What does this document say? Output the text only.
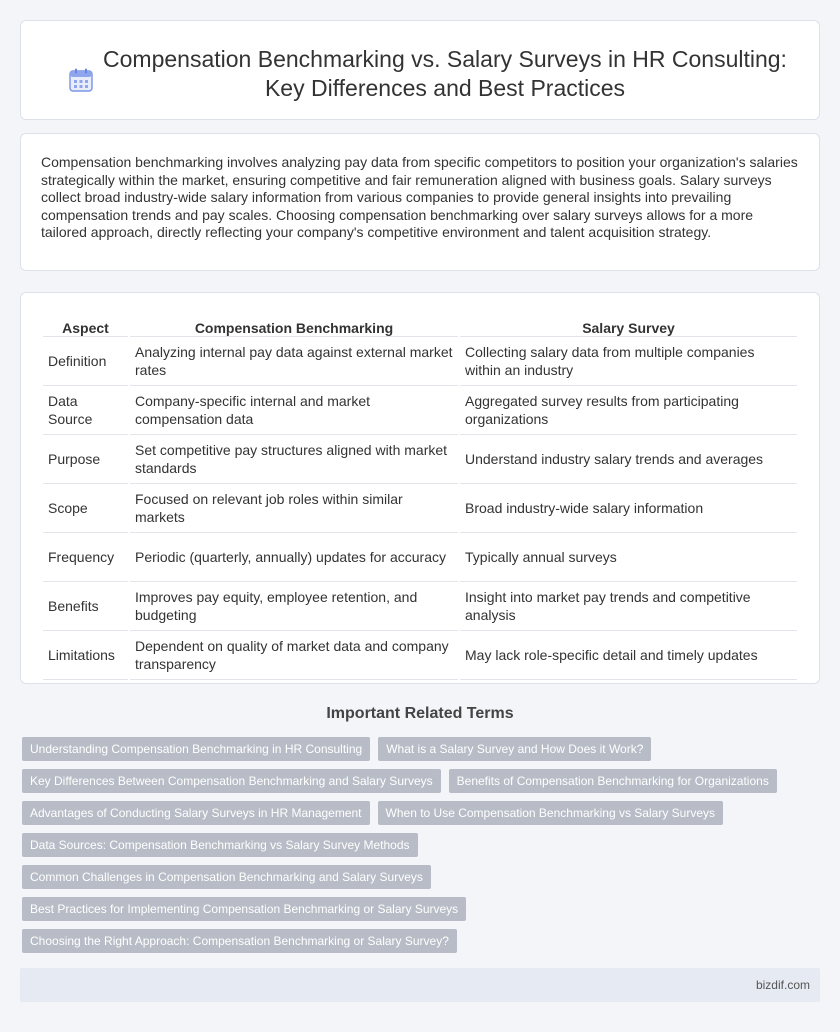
Compensation Benchmarking vs. Salary Surveys in HR Consulting: Key Differences and Best Practices

Compensation benchmarking involves analyzing pay data from specific competitors to position your organization's salaries strategically within the market, ensuring competitive and fair remuneration aligned with business goals. Salary surveys collect broad industry-wide salary information from various companies to provide general insights into prevailing compensation trends and pay scales. Choosing compensation benchmarking over salary surveys allows for a more tailored approach, directly reflecting your company's competitive environment and talent acquisition strategy.

Aspect	Compensation Benchmarking	Salary Survey
Definition	Analyzing internal pay data against external market rates	Collecting salary data from multiple companies within an industry
Data Source	Company-specific internal and market compensation data	Aggregated survey results from participating organizations
Purpose	Set competitive pay structures aligned with market standards	Understand industry salary trends and averages
Scope	Focused on relevant job roles within similar markets	Broad industry-wide salary information
Frequency	Periodic (quarterly, annually) updates for accuracy	Typically annual surveys
Benefits	Improves pay equity, employee retention, and budgeting	Insight into market pay trends and competitive analysis
Limitations	Dependent on quality of market data and company transparency	May lack role-specific detail and timely updates
Important Related Terms
Understanding Compensation Benchmarking in HR Consulting	What is a Salary Survey and How Does it Work?
Key Differences Between Compensation Benchmarking and Salary Surveys	Benefits of Compensation Benchmarking for Organizations
Advantages of Conducting Salary Surveys in HR Management	When to Use Compensation Benchmarking vs Salary Surveys
Data Sources: Compensation Benchmarking vs Salary Survey Methods
Common Challenges in Compensation Benchmarking and Salary Surveys
Best Practices for Implementing Compensation Benchmarking or Salary Surveys
Choosing the Right Approach: Compensation Benchmarking or Salary Survey?
bizdif.com
